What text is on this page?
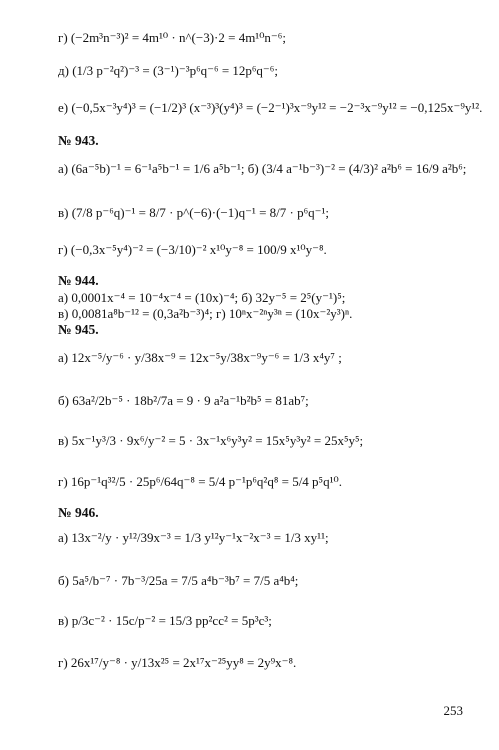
г) (−2m³n⁻³)² = 4m¹⁰ · n^(−3)·2 = 4m¹⁰n⁻⁶;
д) (1/3 p⁻²q²)⁻³ = (3⁻¹)⁻³p⁶q⁻⁶ = 12p⁶q⁻⁶;
е) (−0,5x⁻³y⁴)³ = (−1/2)³ (x⁻³)³(y⁴)³ = (−2⁻¹)³x⁻⁹y¹² = −2⁻³x⁻⁹y¹² = −0,125x⁻⁹y¹².
№ 943.
а) (6a⁻⁵b)⁻¹ = 6⁻¹a⁵b⁻¹ = 1/6 a⁵b⁻¹; б) (3/4 a⁻¹b⁻³)⁻² = (4/3)² a²b⁶ = 16/9 a²b⁶;
в) (7/8 p⁻⁶q)⁻¹ = 8/7 · p^(−6)·(−1)q⁻¹ = 8/7 · p⁶q⁻¹;
г) (−0,3x⁻⁵y⁴)⁻² = (−3/10)⁻² x¹⁰y⁻⁸ = 100/9 x¹⁰y⁻⁸.
№ 944.
а) 0,0001x⁻⁴ = 10⁻⁴x⁻⁴ = (10x)⁻⁴; б) 32y⁻⁵ = 2⁵(y⁻¹)⁵;
в) 0,0081a⁸b⁻¹² = (0,3a²b⁻³)⁴; г) 10ⁿx⁻²ⁿy³ⁿ = (10x⁻²y³)ⁿ.
№ 945.
а) 12x⁻⁵/y⁻⁶ · y/38x⁻⁹ = 12x⁻⁵y/38x⁻⁹y⁻⁶ = 1/3 x⁴y⁷ ;
б) 63a²/2b⁻⁵ · 18b²/7a = 9 · 9 a²a⁻¹b²b⁵ = 81ab⁷;
в) 5x⁻¹y³/3 · 9x⁶/y⁻² = 5 · 3x⁻¹x⁶y³y² = 15x⁵y³y² = 25x⁵y⁵;
г) 16p⁻¹q³²/5 · 25p⁶/64q⁻⁸ = 5/4 p⁻¹p⁶q²q⁸ = 5/4 p⁵q¹⁰.
№ 946.
а) 13x⁻²/y · y¹²/39x⁻³ = 1/3 y¹²y⁻¹x⁻²x⁻³ = 1/3 xy¹¹;
б) 5a⁵/b⁻⁷ · 7b⁻³/25a = 7/5 a⁴b⁻³b⁷ = 7/5 a⁴b⁴;
в) p/3c⁻² · 15c/p⁻² = 15/3 pp²cc² = 5p³c³;
г) 26x¹⁷/y⁻⁸ · y/13x²⁵ = 2x¹⁷x⁻²⁵yy⁸ = 2y⁹x⁻⁸.
253
